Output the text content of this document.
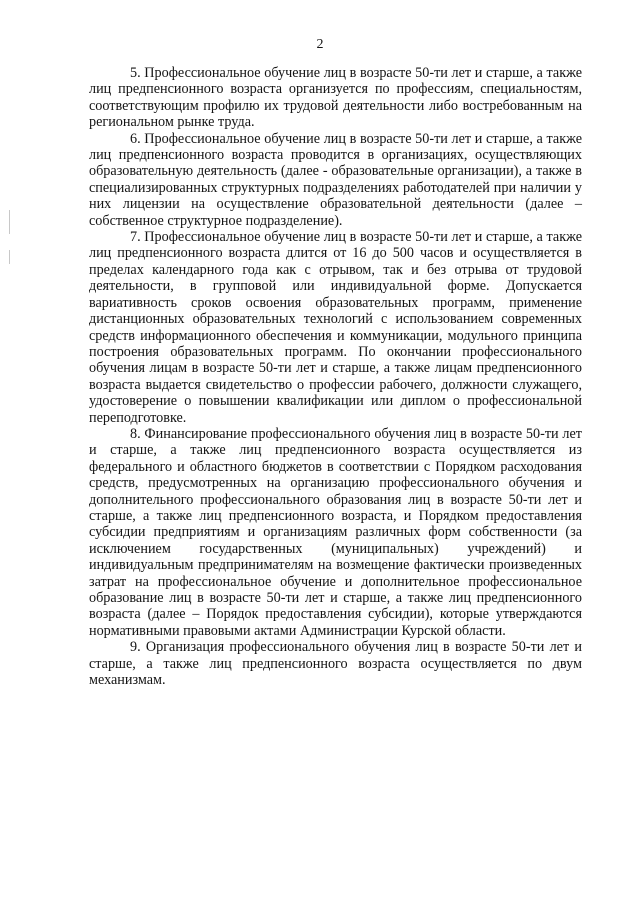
2

5. Профессиональное обучение лиц в возрасте 50-ти лет и старше, а также лиц предпенсионного возраста организуется по профессиям, специальностям, соответствующим профилю их трудовой деятельности либо востребованным на региональном рынке труда.

6. Профессиональное обучение лиц в возрасте 50-ти лет и старше, а также лиц предпенсионного возраста проводится в организациях, осуществляющих образовательную деятельность (далее - образовательные организации), а также в специализированных структурных подразделениях работодателей при наличии у них лицензии на осуществление образовательной деятельности (далее – собственное структурное подразделение).

7. Профессиональное обучение лиц в возрасте 50-ти лет и старше, а также лиц предпенсионного возраста длится от 16 до 500 часов и осуществляется в пределах календарного года как с отрывом, так и без отрыва от трудовой деятельности, в групповой или индивидуальной форме. Допускается вариативность сроков освоения образовательных программ, применение дистанционных образовательных технологий с использованием современных средств информационного обеспечения и коммуникации, модульного принципа построения образовательных программ. По окончании профессионального обучения лицам в возрасте 50-ти лет и старше, а также лицам предпенсионного возраста выдается свидетельство о профессии рабочего, должности служащего, удостоверение о повышении квалификации или диплом о профессиональной переподготовке.

8. Финансирование профессионального обучения лиц в возрасте 50-ти лет и старше, а также лиц предпенсионного возраста осуществляется из федерального и областного бюджетов в соответствии с Порядком расходования средств, предусмотренных на организацию профессионального обучения и дополнительного профессионального образования лиц в возрасте 50-ти лет и старше, а также лиц предпенсионного возраста, и Порядком предоставления субсидии предприятиям и организациям различных форм собственности (за исключением государственных (муниципальных) учреждений) и индивидуальным предпринимателям на возмещение фактически произведенных затрат на профессиональное обучение и дополнительное профессиональное образование лиц в возрасте 50-ти лет и старше, а также лиц предпенсионного возраста (далее – Порядок предоставления субсидии), которые утверждаются нормативными правовыми актами Администрации Курской области.

9. Организация профессионального обучения лиц в возрасте 50-ти лет и старше, а также лиц предпенсионного возраста осуществляется по двум механизмам.
